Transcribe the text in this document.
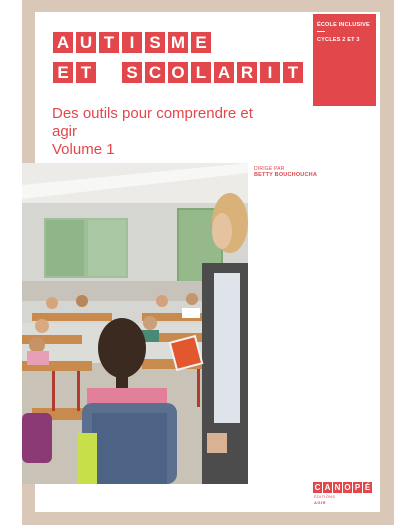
A U T I S M E
E T S C O L A R I T
Des outils pour comprendre et agir
Volume 1
ÉCOLE INCLUSIVE
CYCLES 2 ET 3
DIRIGÉ PAR
BETTY BOUCHOUCHA
C A N O P É
ÉDITIONS
AGIR
